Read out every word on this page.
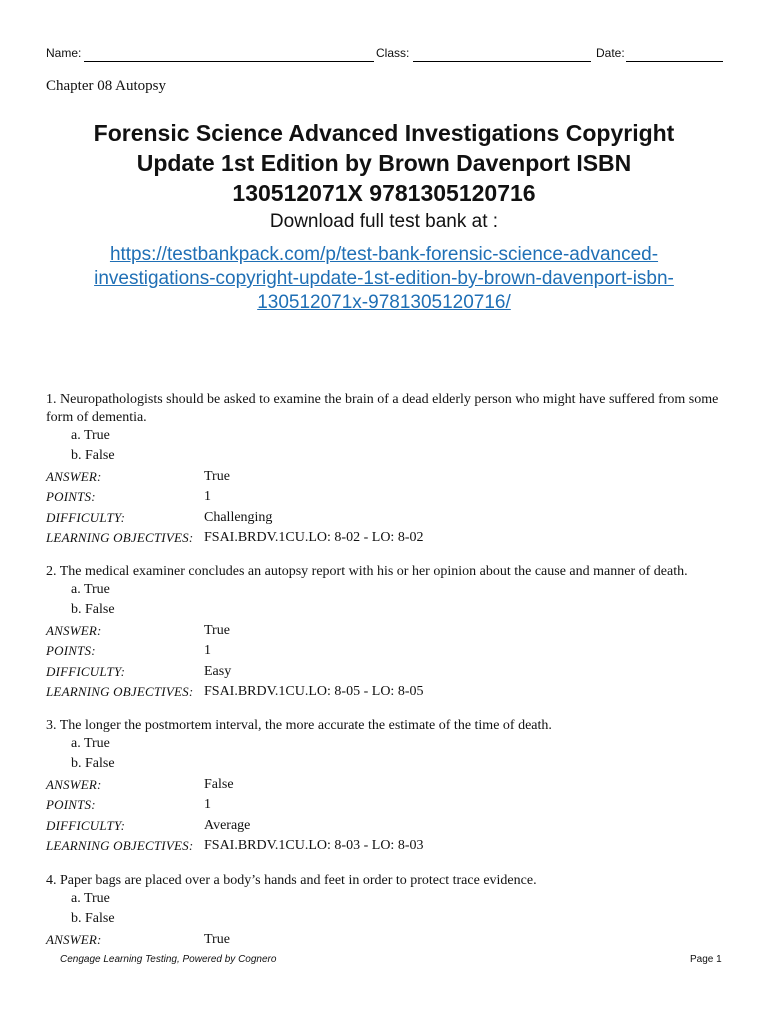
Name:	Class:	Date:
Chapter 08 Autopsy
Forensic Science Advanced Investigations Copyright
Update 1st Edition by Brown Davenport ISBN
130512071X 9781305120716
Download full test bank at :
https://testbankpack.com/p/test-bank-forensic-science-advanced-
investigations-copyright-update-1st-edition-by-brown-davenport-isbn-
130512071x-9781305120716/
1. Neuropathologists should be asked to examine the brain of a dead elderly person who might have suffered from some form of dementia.
a. True
b. False
ANSWER:	True
POINTS:	1
DIFFICULTY:	Challenging
LEARNING OBJECTIVES: FSAI.BRDV.1CU.LO: 8-02 - LO: 8-02
2. The medical examiner concludes an autopsy report with his or her opinion about the cause and manner of death.
a. True
b. False
ANSWER:	True
POINTS:	1
DIFFICULTY:	Easy
LEARNING OBJECTIVES: FSAI.BRDV.1CU.LO: 8-05 - LO: 8-05
3. The longer the postmortem interval, the more accurate the estimate of the time of death.
a. True
b. False
ANSWER:	False
POINTS:	1
DIFFICULTY:	Average
LEARNING OBJECTIVES: FSAI.BRDV.1CU.LO: 8-03 - LO: 8-03
4. Paper bags are placed over a body’s hands and feet in order to protect trace evidence.
a. True
b. False
ANSWER:	True
Cengage Learning Testing, Powered by Cognero	Page 1
